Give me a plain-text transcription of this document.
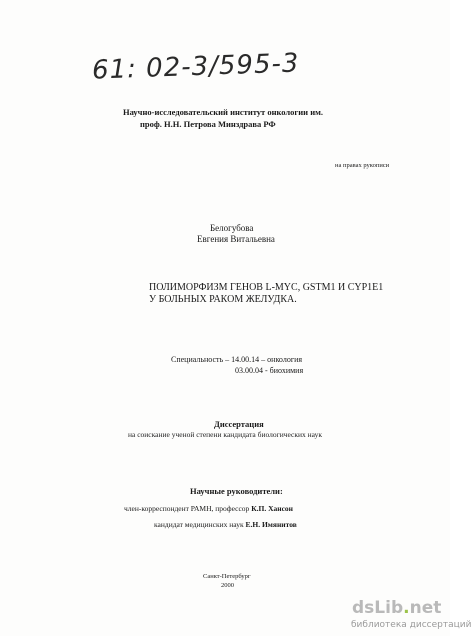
61: 02-3/595-3
Научно-исследовательский институт онкологии им.
проф. Н.Н. Петрова Минздрава РФ
на правах рукописи
Белогубова
Евгения Витальевна
ПОЛИМОРФИЗМ ГЕНОВ L-MYC, GSTM1 И CYP1E1
У БОЛЬНЫХ РАКОМ ЖЕЛУДКА.
Специальность – 14.00.14 – онкология
03.00.04 - биохимия
Диссертация
на соискание ученой степени кандидата биологических наук
Научные руководители:
член-корреспондент РАМН, профессор К.П. Хансон
кандидат медицинских наук Е.Н. Имянитов
Санкт-Петербург
2000
dsLib.net
библиотека диссертаций
